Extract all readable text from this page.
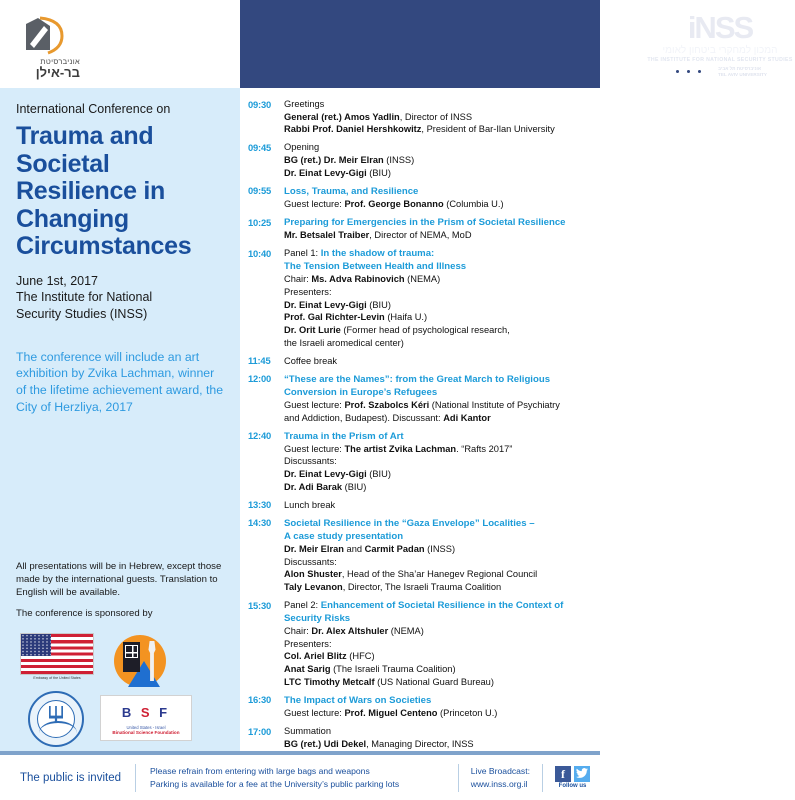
אוניברסיטת
בר-אילן
iNSS
המכון למחקרי ביטחון לאומי
THE INSTITUTE FOR NATIONAL SECURITY STUDIES
אוניברסיטת תל אביב
TEL AVIV UNIVERSITY
International Conference on
Trauma and Societal Resilience in Changing Circumstances
June 1st, 2017
The Institute for National
Security Studies (INSS)
The conference will include an art exhibition by Zvika Lachman, winner of the lifetime achievement award, the City of Herzliya, 2017
All presentations will be in Hebrew, except those made by the international guests. Translation to English will be available.
The conference is sponsored by
Embassy of the United States
B S F
United States - Israel
Binational Science Foundation
09:30	Greetings
General (ret.) Amos Yadlin, Director of INSS
Rabbi Prof. Daniel Hershkowitz, President of Bar-Ilan University
09:45	Opening
BG (ret.) Dr. Meir Elran (INSS)
Dr. Einat Levy-Gigi (BIU)
09:55	Loss, Trauma, and Resilience
Guest lecture: Prof. George Bonanno (Columbia U.)
10:25	Preparing for Emergencies in the Prism of Societal Resilience
Mr. Betsalel Traiber, Director of NEMA, MoD
10:40	Panel 1: In the shadow of trauma:
The Tension Between Health and Illness
Chair: Ms. Adva Rabinovich (NEMA)
Presenters:
Dr. Einat Levy-Gigi (BIU)
Prof. Gal Richter-Levin (Haifa U.)
Dr. Orit Lurie (Former head of psychological research,
the Israeli aromedical center)
11:45	Coffee break
12:00	“These are the Names”: from the Great March to Religious
Conversion in Europe’s Refugees
Guest lecture: Prof. Szabolcs Kéri (National Institute of Psychiatry
and Addiction, Budapest). Discussant: Adi Kantor
12:40	Trauma in the Prism of Art
Guest lecture: The artist Zvika Lachman. “Rafts 2017”
Discussants:
Dr. Einat Levy-Gigi (BIU)
Dr. Adi Barak (BIU)
13:30	Lunch break
14:30	Societal Resilience in the “Gaza Envelope” Localities –
A case study presentation
Dr. Meir Elran and Carmit Padan (INSS)
Discussants:
Alon Shuster, Head of the Sha’ar Hanegev Regional Council
Taly Levanon, Director, The Israeli Trauma Coalition
15:30	Panel 2: Enhancement of Societal Resilience in the Context of
Security Risks
Chair: Dr. Alex Altshuler (NEMA)
Presenters:
Col. Ariel Blitz (HFC)
Anat Sarig (The Israeli Trauma Coalition)
LTC Timothy Metcalf (US National Guard Bureau)
16:30	The Impact of Wars on Societies
Guest lecture: Prof. Miguel Centeno (Princeton U.)
17:00	Summation
BG (ret.) Udi Dekel, Managing Director, INSS
The public is invited
Please refrain from entering with large bags and weapons
Parking is available for a fee at the University’s public parking lots
Live Broadcast:
www.inss.org.il
f
Follow us
